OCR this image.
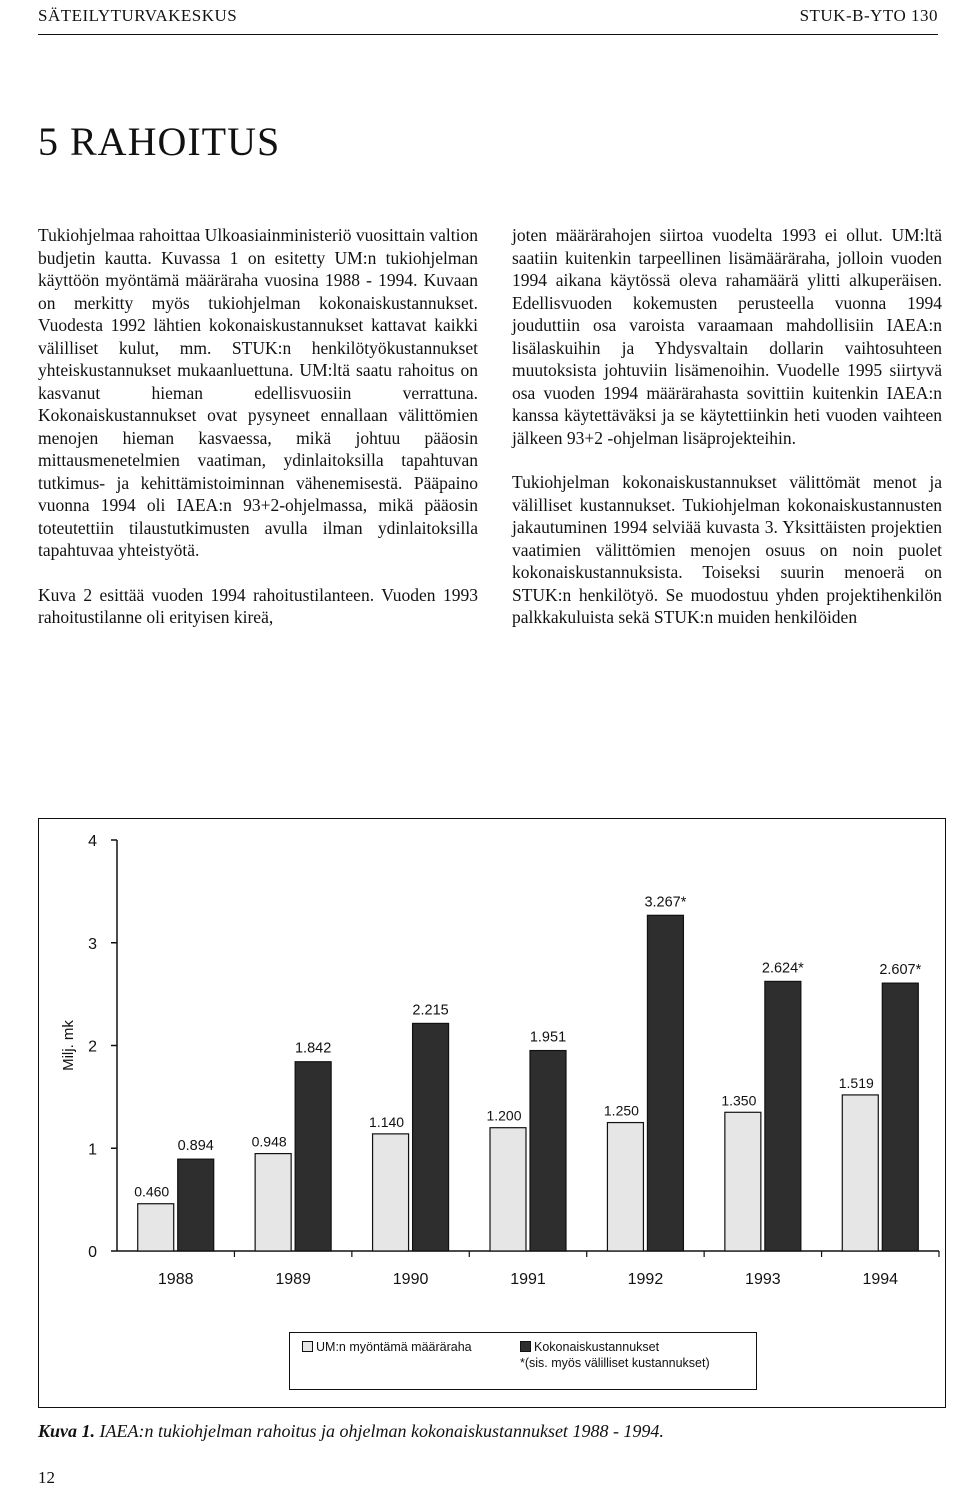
SÄTEILYTURVAKESKUS	STUK-B-YTO 130
5 RAHOITUS

Tukiohjelmaa rahoittaa Ulkoasiainministeriö vuosittain valtion budjetin kautta. Kuvassa 1 on esitetty UM:n tukiohjelman käyttöön myöntämä määräraha vuosina 1988 - 1994. Kuvaan on merkitty myös tukiohjelman kokonaiskustannukset. Vuodesta 1992 lähtien kokonaiskustannukset kattavat kaikki välilliset kulut, mm. STUK:n henkilötyökustannukset yhteiskustannukset mukaanluettuna. UM:ltä saatu rahoitus on kasvanut hieman edellisvuosiin verrattuna. Kokonaiskustannukset ovat pysyneet ennallaan välittömien menojen hieman kasvaessa, mikä johtuu pääosin mittausmenetelmien vaatiman, ydinlaitoksilla tapahtuvan tutkimus- ja kehittämistoiminnan vähenemisestä. Pääpaino vuonna 1994 oli IAEA:n 93+2-ohjelmassa, mikä pääosin toteutettiin tilaustutkimusten avulla ilman ydinlaitoksilla tapahtuvaa yhteistyötä.

Kuva 2 esittää vuoden 1994 rahoitustilanteen. Vuoden 1993 rahoitustilanne oli erityisen kireä,

joten määrärahojen siirtoa vuodelta 1993 ei ollut. UM:ltä saatiin kuitenkin tarpeellinen lisämääräraha, jolloin vuoden 1994 aikana käytössä oleva rahamäärä ylitti alkuperäisen. Edellisvuoden kokemusten perusteella vuonna 1994 jouduttiin osa varoista varaamaan mahdollisiin IAEA:n lisälaskuihin ja Yhdysvaltain dollarin vaihtosuhteen muutoksista johtuviin lisämenoihin. Vuodelle 1995 siirtyvä osa vuoden 1994 määrärahasta sovittiin kuitenkin IAEA:n kanssa käytettäväksi ja se käytettiinkin heti vuoden vaihteen jälkeen 93+2 -ohjelman lisäprojekteihin.

Tukiohjelman kokonaiskustannukset välittömät menot ja välilliset kustannukset. Tukiohjelman kokonaiskustannusten jakautuminen 1994 selviää kuvasta 3. Yksittäisten projektien vaatimien välittömien menojen osuus on noin puolet kokonaiskustannuksista. Toiseksi suurin menoerä on STUK:n henkilötyö. Se muodostuu yhden projektihenkilön palkkakuluista sekä STUK:n muiden henkilöiden

0
1
2
3
4
Milj. mk
1988
0.460
0.894
1989
0.948
1.842
1990
1.140
2.215
1991
1.200
1.951
1992
1.250
3.267*
1993
1.350
2.624*
1994
1.519
2.607*
UM:n myöntämä määräraha	Kokonaiskustannukset
*(sis. myös välilliset kustannukset)
Kuva 1. IAEA:n tukiohjelman rahoitus ja ohjelman kokonaiskustannukset 1988 - 1994.
12
